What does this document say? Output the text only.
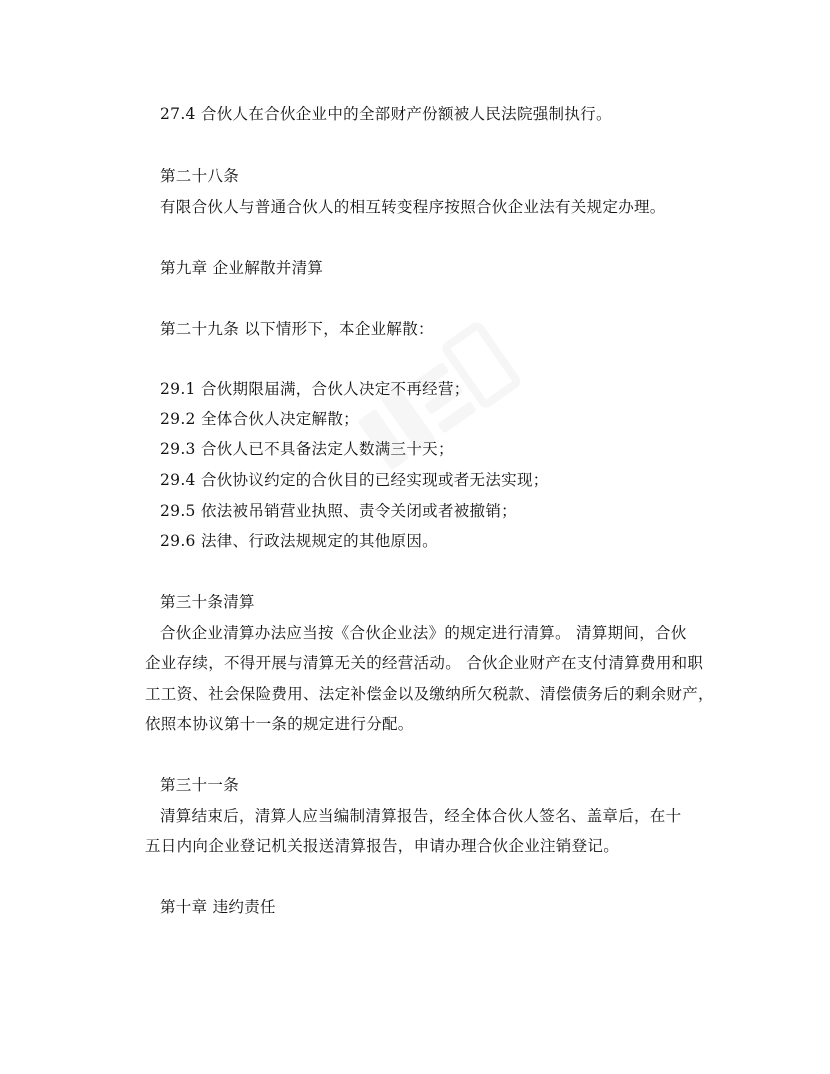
27.4 合伙人在合伙企业中的全部财产份额被人民法院强制执行。
第二十八条
有限合伙人与普通合伙人的相互转变程序按照合伙企业法有关规定办理。
第九章 企业解散并清算
第二十九条 以下情形下，本企业解散：
29.1 合伙期限届满，合伙人决定不再经营；
29.2 全体合伙人决定解散；
29.3 合伙人已不具备法定人数满三十天；
29.4 合伙协议约定的合伙目的已经实现或者无法实现；
29.5 依法被吊销营业执照、责令关闭或者被撤销；
29.6 法律、行政法规规定的其他原因。
第三十条清算
合伙企业清算办法应当按《合伙企业法》的规定进行清算。 清算期间，合伙
企业存续，不得开展与清算无关的经营活动。 合伙企业财产在支付清算费用和职
工工资、社会保险费用、法定补偿金以及缴纳所欠税款、清偿债务后的剩余财产，
依照本协议第十一条的规定进行分配。
第三十一条
清算结束后，清算人应当编制清算报告，经全体合伙人签名、盖章后，在十
五日内向企业登记机关报送清算报告，申请办理合伙企业注销登记。
第十章 违约责任
